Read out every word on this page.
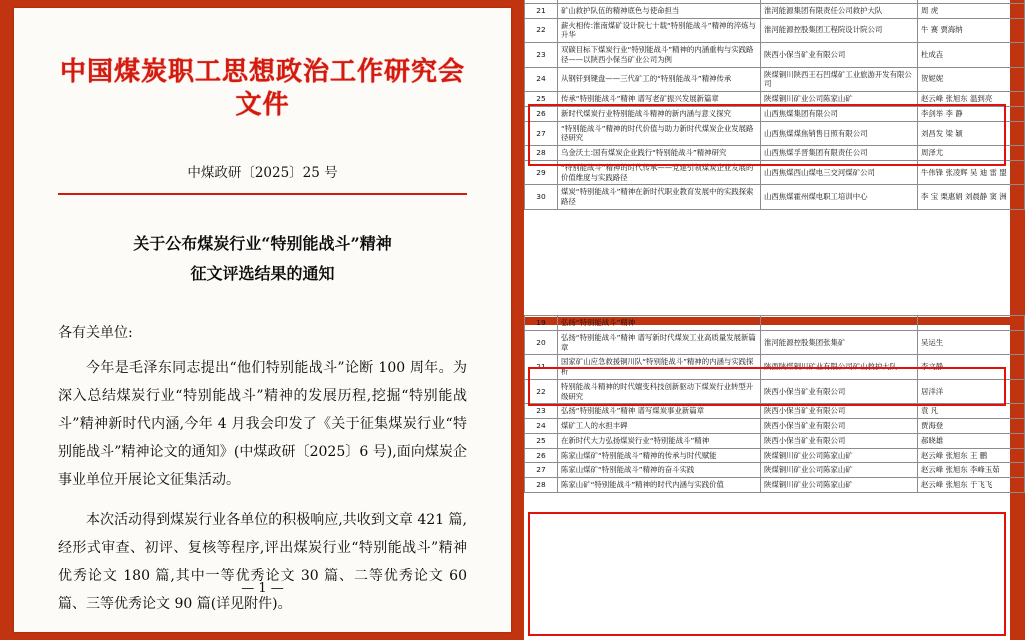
中国煤炭职工思想政治工作研究会文件
中煤政研〔2025〕25 号
关于公布煤炭行业“特别能战斗”精神
征文评选结果的通知
各有关单位:
今年是毛泽东同志提出“他们特别能战斗”论断 100 周年。为深入总结煤炭行业“特别能战斗”精神的发展历程,挖掘“特别能战斗”精神新时代内涵,今年 4 月我会印发了《关于征集煤炭行业“特别能战斗”精神论文的通知》(中煤政研〔2025〕6 号),面向煤炭企事业单位开展论文征集活动。
本次活动得到煤炭行业各单位的积极响应,共收到文章 421 篇,经形式审查、初评、复核等程序,评出煤炭行业“特别能战斗”精神优秀论文 180 篇,其中一等优秀论文 30 篇、二等优秀论文 60 篇、三等优秀论文 90 篇(详见附件)。
— 1 —

21	矿山救护队伍的精神底色与使命担当	淮河能源集团有限责任公司救护大队	周 虎
22	薪火相传:淮南煤矿设计院七十载“特别能战斗”精神的淬炼与升华	淮河能源控股集团工程院设计院公司	牛 赛 贾海纳
23	双碳目标下煤炭行业“特别能战斗”精神的内涵重构与实践路径——以陕西小保当矿业公司为例	陕西小保当矿业有限公司	杜成壵
24	从钢钎到键盘——三代矿工的“特别能战斗”精神传承	陕煤铜川陕西王石凹煤矿工业旅游开发有限公司	贺妮妮
25	传承“特别能战斗”精神 谱写老矿振兴发展新篇章	陕煤铜川矿业公司陈家山矿	赵云峰 张旭东 温到亮
26	新时代煤炭行业特别能战斗精神的新内涵与意义探究	山西焦煤集团有限公司	李剑举 李 静
27	“特别能战斗”精神的时代价值与助力新时代煤炭企业发展路径研究	山西焦煤煤焦销售日照有限公司	刘昌发 梁 颖
28	乌金沃土:国有煤炭企业践行“特别能战斗”精神研究	山西焦煤孚晋集团有限责任公司	周泽尤
29	“特别能战斗”精神的时代传承——党建引领煤炭企业发展的价值维度与实践路径	山西焦煤西山煤电三交河煤矿公司	牛伟锋 张凌辉 吴 迪 雷 盟
30	煤炭“特别能战斗”精神在新时代职业教育发展中的实践探索路径	山西焦煤霍州煤电职工培训中心	李 宝 栗惠娟 刘晨静 窦 洲
19	弘扬“特别能战斗”精神		
20	弘扬“特别能战斗”精神 谱写新时代煤炭工业高质量发展新篇章	淮河能源控股集团张集矿	吴运生
21	国家矿山应急救援铜川队“特别能战斗”精神的内涵与实践探析	陕西陕煤铜川矿业有限公司矿山救护大队	李文静
22	特别能战斗精神的时代嬗变科技创新驱动下煤炭行业转型升级研究	陕西小保当矿业有限公司	居洋洋
23	弘扬“特别能战斗”精神 谱写煤炭事业新篇章	陕西小保当矿业有限公司	袁 凡
24	煤矿工人的水担丰碑	陕西小保当矿业有限公司	贾海登
25	在新时代大力弘扬煤炭行业“特别能战斗”精神	陕西小保当矿业有限公司	郝晓雄
26	陈家山煤矿“特别能战斗”精神的传承与时代赋能	陕煤铜川矿业公司陈家山矿	赵云峰 张旭东 王 鹏
27	陈家山煤矿“特别能战斗”精神的奋斗实践	陕煤铜川矿业公司陈家山矿	赵云峰 张旭东 李峰玉茹
28	陈家山矿“特别能战斗”精神的时代内涵与实践价值	陕煤铜川矿业公司陈家山矿	赵云峰 张旭东 于飞飞
